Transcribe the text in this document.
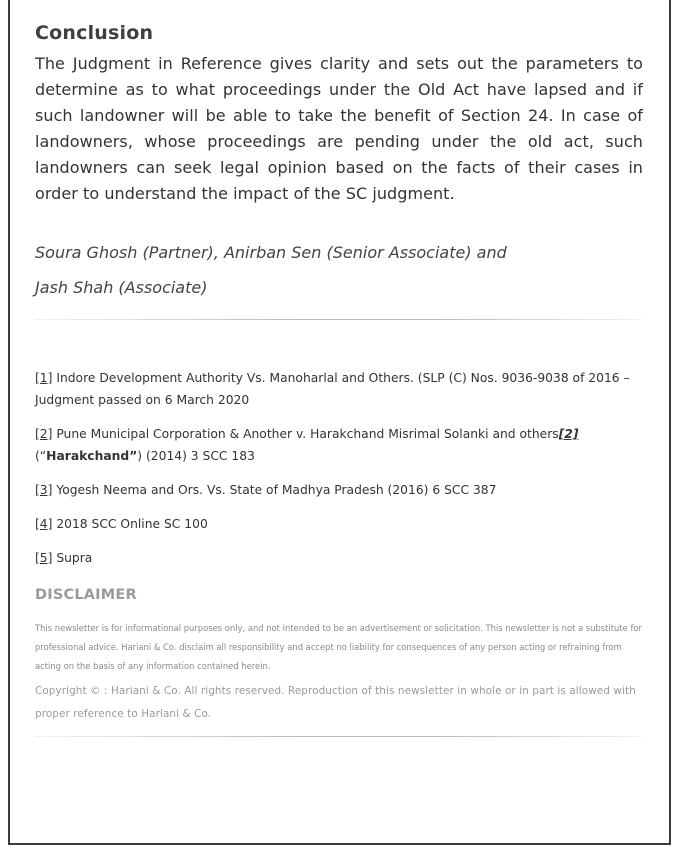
Conclusion

The Judgment in Reference gives clarity and sets out the parameters to determine as to what proceedings under the Old Act have lapsed and if such landowner will be able to take the benefit of Section 24. In case of landowners, whose proceedings are pending under the old act, such landowners can seek legal opinion based on the facts of their cases in order to understand the impact of the SC judgment.

Soura Ghosh (Partner), Anirban Sen (Senior Associate) and
Jash Shah (Associate)
[1] Indore Development Authority Vs. Manoharlal and Others. (SLP (C) Nos. 9036-9038 of 2016 – Judgment passed on 6 March 2020
[2] Pune Municipal Corporation & Another v. Harakchand Misrimal Solanki and others[2]
(“Harakchand”) (2014) 3 SCC 183
[3] Yogesh Neema and Ors. Vs. State of Madhya Pradesh (2016) 6 SCC 387
[4] 2018 SCC Online SC 100
[5] Supra
DISCLAIMER
This newsletter is for informational purposes only, and not intended to be an advertisement or solicitation. This newsletter is not a substitute for professional advice. Hariani & Co. disclaim all responsibility and accept no liability for consequences of any person acting or refraining from acting on the basis of any information contained herein.
Copyright © : Hariani & Co. All rights reserved. Reproduction of this newsletter in whole or in part is allowed with proper reference to Hariani & Co.
